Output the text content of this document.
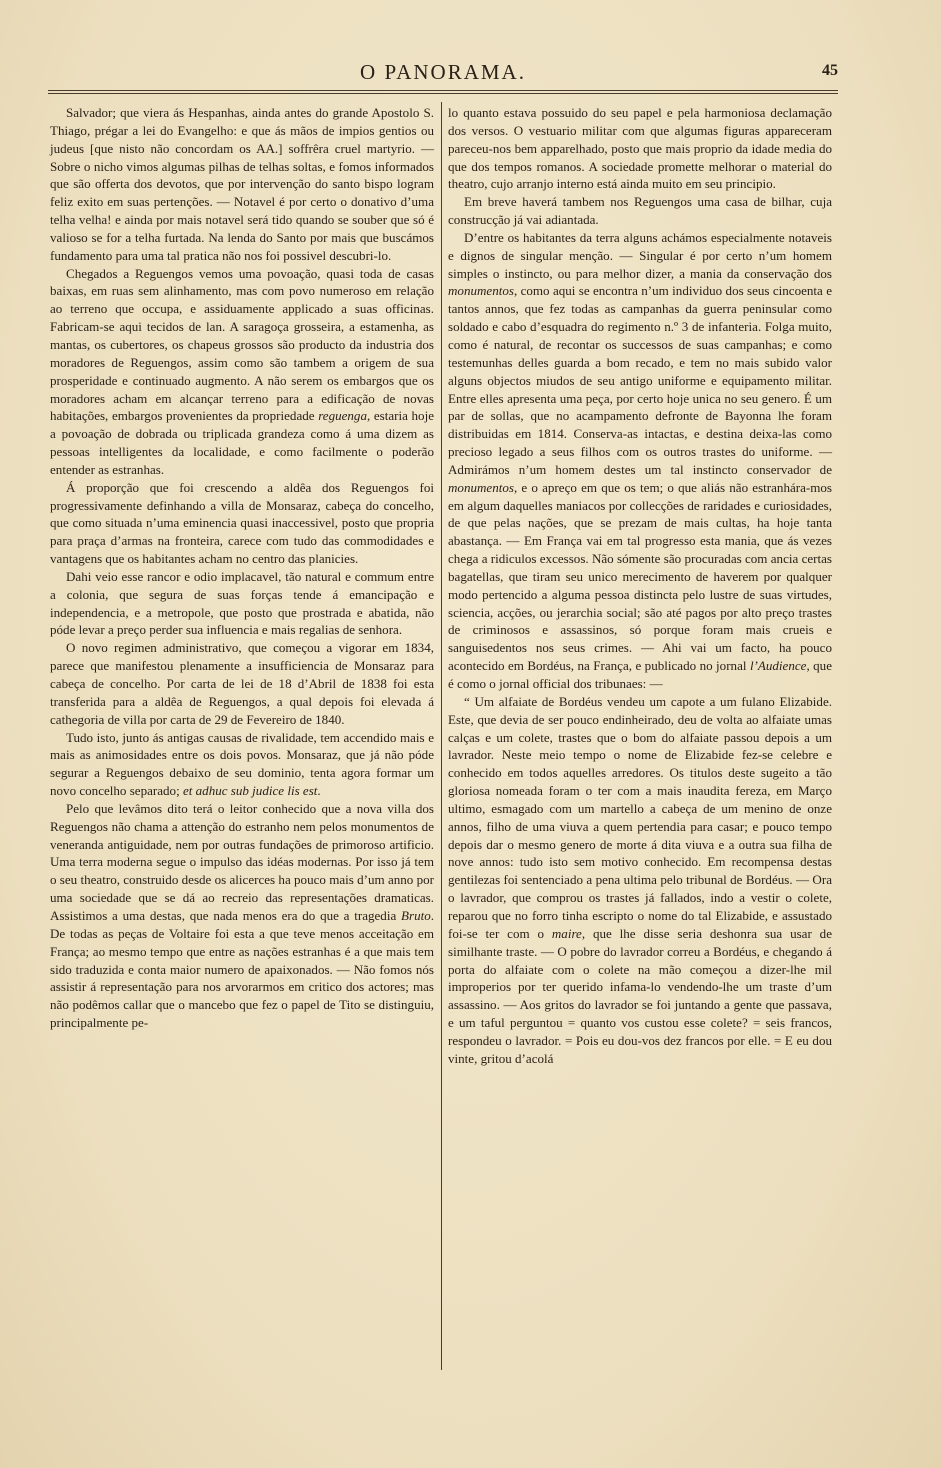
O PANORAMA.	45

Salvador; que viera ás Hespanhas, ainda antes do grande Apostolo S. Thiago, prégar a lei do Evangelho: e que ás mãos de impios gentios ou judeus [que nisto não concordam os AA.] soffrêra cruel martyrio. — Sobre o nicho vimos algumas pilhas de telhas soltas, e fomos informados que são offerta dos devotos, que por intervenção do santo bispo logram feliz exito em suas pertenções. — Notavel é por certo o donativo d’uma telha velha! e ainda por mais notavel será tido quando se souber que só é valioso se for a telha furtada. Na lenda do Santo por mais que buscámos fundamento para uma tal pratica não nos foi possivel descubri-lo.

Chegados a Reguengos vemos uma povoação, quasi toda de casas baixas, em ruas sem alinhamento, mas com povo numeroso em relação ao terreno que occupa, e assiduamente applicado a suas officinas. Fabricam-se aqui tecidos de lan. A saragoça grosseira, a estamenha, as mantas, os cubertores, os chapeus grossos são producto da industria dos moradores de Reguengos, assim como são tambem a origem de sua prosperidade e continuado augmento. A não serem os embargos que os moradores acham em alcançar terreno para a edificação de novas habitações, embargos provenientes da propriedade reguenga, estaria hoje a povoação de dobrada ou triplicada grandeza como á uma dizem as pessoas intelligentes da localidade, e como facilmente o poderão entender as estranhas.

Á proporção que foi crescendo a aldêa dos Reguengos foi progressivamente definhando a villa de Monsaraz, cabeça do concelho, que como situada n’uma eminencia quasi inaccessivel, posto que propria para praça d’armas na fronteira, carece com tudo das commodidades e vantagens que os habitantes acham no centro das planicies.

Dahi veio esse rancor e odio implacavel, tão natural e commum entre a colonia, que segura de suas forças tende á emancipação e independencia, e a metropole, que posto que prostrada e abatida, não póde levar a preço perder sua influencia e mais regalias de senhora.

O novo regimen administrativo, que começou a vigorar em 1834, parece que manifestou plenamente a insufficiencia de Monsaraz para cabeça de concelho. Por carta de lei de 18 d’Abril de 1838 foi esta transferida para a aldêa de Reguengos, a qual depois foi elevada á cathegoria de villa por carta de 29 de Fevereiro de 1840.

Tudo isto, junto ás antigas causas de rivalidade, tem accendido mais e mais as animosidades entre os dois povos. Monsaraz, que já não póde segurar a Reguengos debaixo de seu dominio, tenta agora formar um novo concelho separado; et adhuc sub judice lis est.

Pelo que levâmos dito terá o leitor conhecido que a nova villa dos Reguengos não chama a attenção do estranho nem pelos monumentos de veneranda antiguidade, nem por outras fundações de primoroso artificio. Uma terra moderna segue o impulso das idéas modernas. Por isso já tem o seu theatro, construido desde os alicerces ha pouco mais d’um anno por uma sociedade que se dá ao recreio das representações dramaticas. Assistimos a uma destas, que nada menos era do que a tragedia Bruto. De todas as peças de Voltaire foi esta a que teve menos acceitação em França; ao mesmo tempo que entre as nações estranhas é a que mais tem sido traduzida e conta maior numero de apaixonados. — Não fomos nós assistir á representação para nos arvorarmos em critico dos actores; mas não podêmos callar que o mancebo que fez o papel de Tito se distinguiu, principalmente pe-

lo quanto estava possuido do seu papel e pela harmoniosa declamação dos versos. O vestuario militar com que algumas figuras appareceram pareceu-nos bem apparelhado, posto que mais proprio da idade media do que dos tempos romanos. A sociedade promette melhorar o material do theatro, cujo arranjo interno está ainda muito em seu principio.

Em breve haverá tambem nos Reguengos uma casa de bilhar, cuja construcção já vai adiantada.

D’entre os habitantes da terra alguns achámos especialmente notaveis e dignos de singular menção. — Singular é por certo n’um homem simples o instincto, ou para melhor dizer, a mania da conservação dos monumentos, como aqui se encontra n’um individuo dos seus cincoenta e tantos annos, que fez todas as campanhas da guerra peninsular como soldado e cabo d’esquadra do regimento n.º 3 de infanteria. Folga muito, como é natural, de recontar os successos de suas campanhas; e como testemunhas delles guarda a bom recado, e tem no mais subido valor alguns objectos miudos de seu antigo uniforme e equipamento militar. Entre elles apresenta uma peça, por certo hoje unica no seu genero. É um par de sollas, que no acampamento defronte de Bayonna lhe foram distribuidas em 1814. Conserva-as intactas, e destina deixa-las como precioso legado a seus filhos com os outros trastes do uniforme. — Admirámos n’um homem destes um tal instincto conservador de monumentos, e o apreço em que os tem; o que aliás não estranhára-mos em algum daquelles maniacos por collecções de raridades e curiosidades, de que pelas nações, que se prezam de mais cultas, ha hoje tanta abastança. — Em França vai em tal progresso esta mania, que ás vezes chega a ridiculos excessos. Não sómente são procuradas com ancia certas bagatellas, que tiram seu unico merecimento de haverem por qualquer modo pertencido a alguma pessoa distincta pelo lustre de suas virtudes, sciencia, acções, ou jerarchia social; são até pagos por alto preço trastes de criminosos e assassinos, só porque foram mais crueis e sanguisedentos nos seus crimes. — Ahi vai um facto, ha pouco acontecido em Bordéus, na França, e publicado no jornal l’Audience, que é como o jornal official dos tribunaes: —

“ Um alfaiate de Bordéus vendeu um capote a um fulano Elizabide. Este, que devia de ser pouco endinheirado, deu de volta ao alfaiate umas calças e um colete, trastes que o bom do alfaiate passou depois a um lavrador. Neste meio tempo o nome de Elizabide fez-se celebre e conhecido em todos aquelles arredores. Os titulos deste sugeito a tão gloriosa nomeada foram o ter com a mais inaudita fereza, em Março ultimo, esmagado com um martello a cabeça de um menino de onze annos, filho de uma viuva a quem pertendia para casar; e pouco tempo depois dar o mesmo genero de morte á dita viuva e a outra sua filha de nove annos: tudo isto sem motivo conhecido. Em recompensa destas gentilezas foi sentenciado a pena ultima pelo tribunal de Bordéus. — Ora o lavrador, que comprou os trastes já fallados, indo a vestir o colete, reparou que no forro tinha escripto o nome do tal Elizabide, e assustado foi-se ter com o maire, que lhe disse seria deshonra sua usar de similhante traste. — O pobre do lavrador correu a Bordéus, e chegando á porta do alfaiate com o colete na mão começou a dizer-lhe mil improperios por ter querido infama-lo vendendo-lhe um traste d’um assassino. — Aos gritos do lavrador se foi juntando a gente que passava, e um taful perguntou = quanto vos custou esse colete? = seis francos, respondeu o lavrador. = Pois eu dou-vos dez francos por elle. = E eu dou vinte, gritou d’acolá
